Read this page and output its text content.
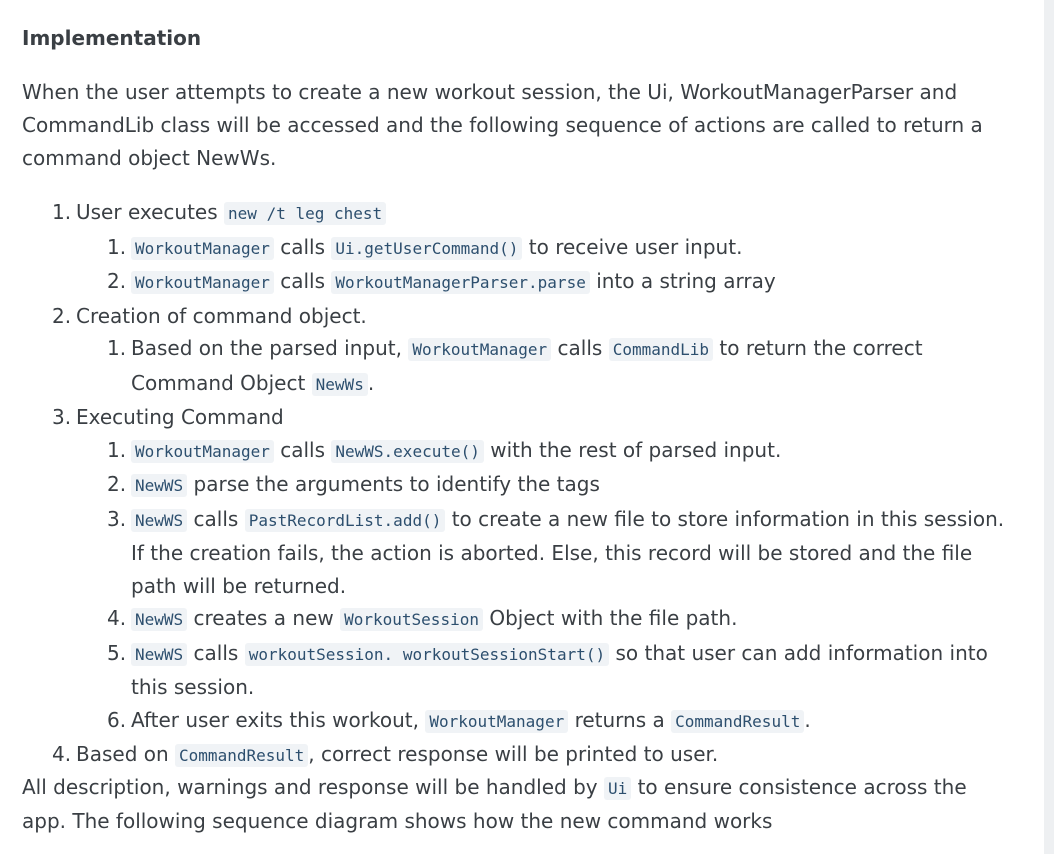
Implementation

When the user attempts to create a new workout session, the Ui, WorkoutManagerParser and CommandLib class will be accessed and the following sequence of actions are called to return a command object NewWs.

1. User executes new /t leg chest
1. WorkoutManager calls Ui.getUserCommand() to receive user input.
2. WorkoutManager calls WorkoutManagerParser.parse into a string array
2. Creation of command object.
1. Based on the parsed input, WorkoutManager calls CommandLib to return the correct Command Object NewWs .
3. Executing Command
1. WorkoutManager calls NewWS.execute() with the rest of parsed input.
2. NewWS parse the arguments to identify the tags
3. NewWS calls PastRecordList.add() to create a new file to store information in this session. If the creation fails, the action is aborted. Else, this record will be stored and the file path will be returned.
4. NewWS creates a new WorkoutSession Object with the file path.
5. NewWS calls workoutSession. workoutSessionStart() so that user can add information into this session.
6. After user exits this workout, WorkoutManager returns a CommandResult .
4. Based on CommandResult , correct response will be printed to user.

All description, warnings and response will be handled by Ui to ensure consistence across the app. The following sequence diagram shows how the new command works
